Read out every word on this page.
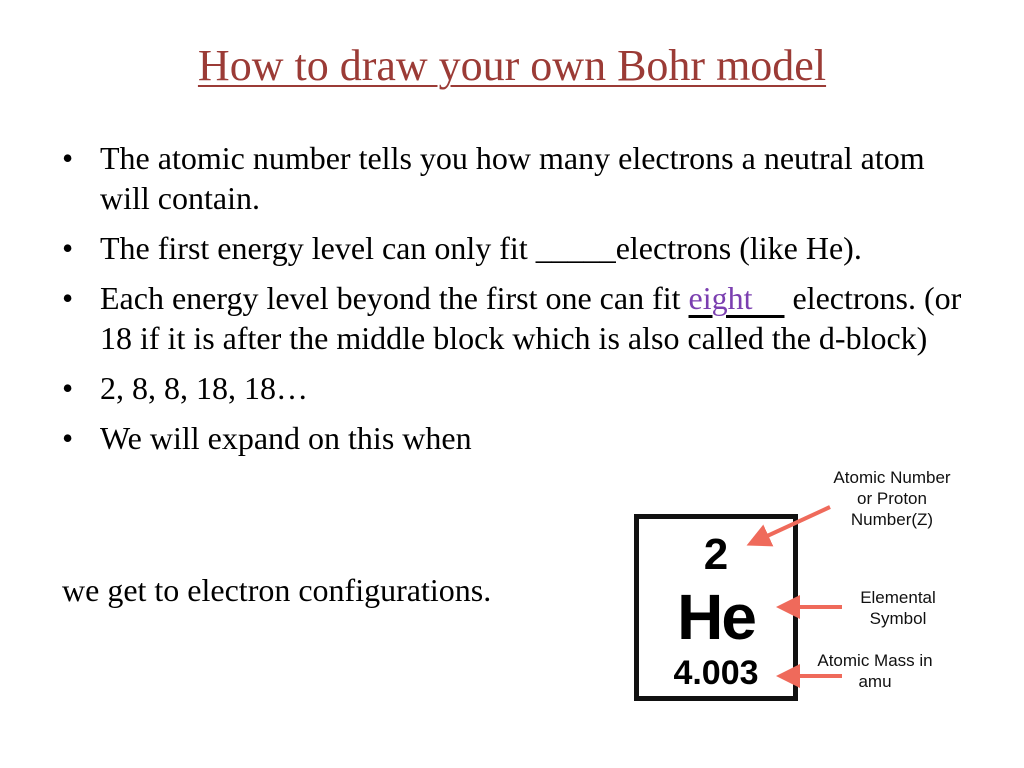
How to draw your own Bohr model
• The atomic number tells you how many electrons a neutral atom will contain.
• The first energy level can only fit _____electrons (like He).
• Each energy level beyond the first one can fit eight     electrons. (or 18 if it is after the middle block which is also called the d-block)
• 2, 8, 8, 18, 18…
• We will expand on this when
we get to electron configurations.
2
He
4.003
Atomic Number
or Proton
Number(Z)
Elemental
Symbol
Atomic Mass in
amu
